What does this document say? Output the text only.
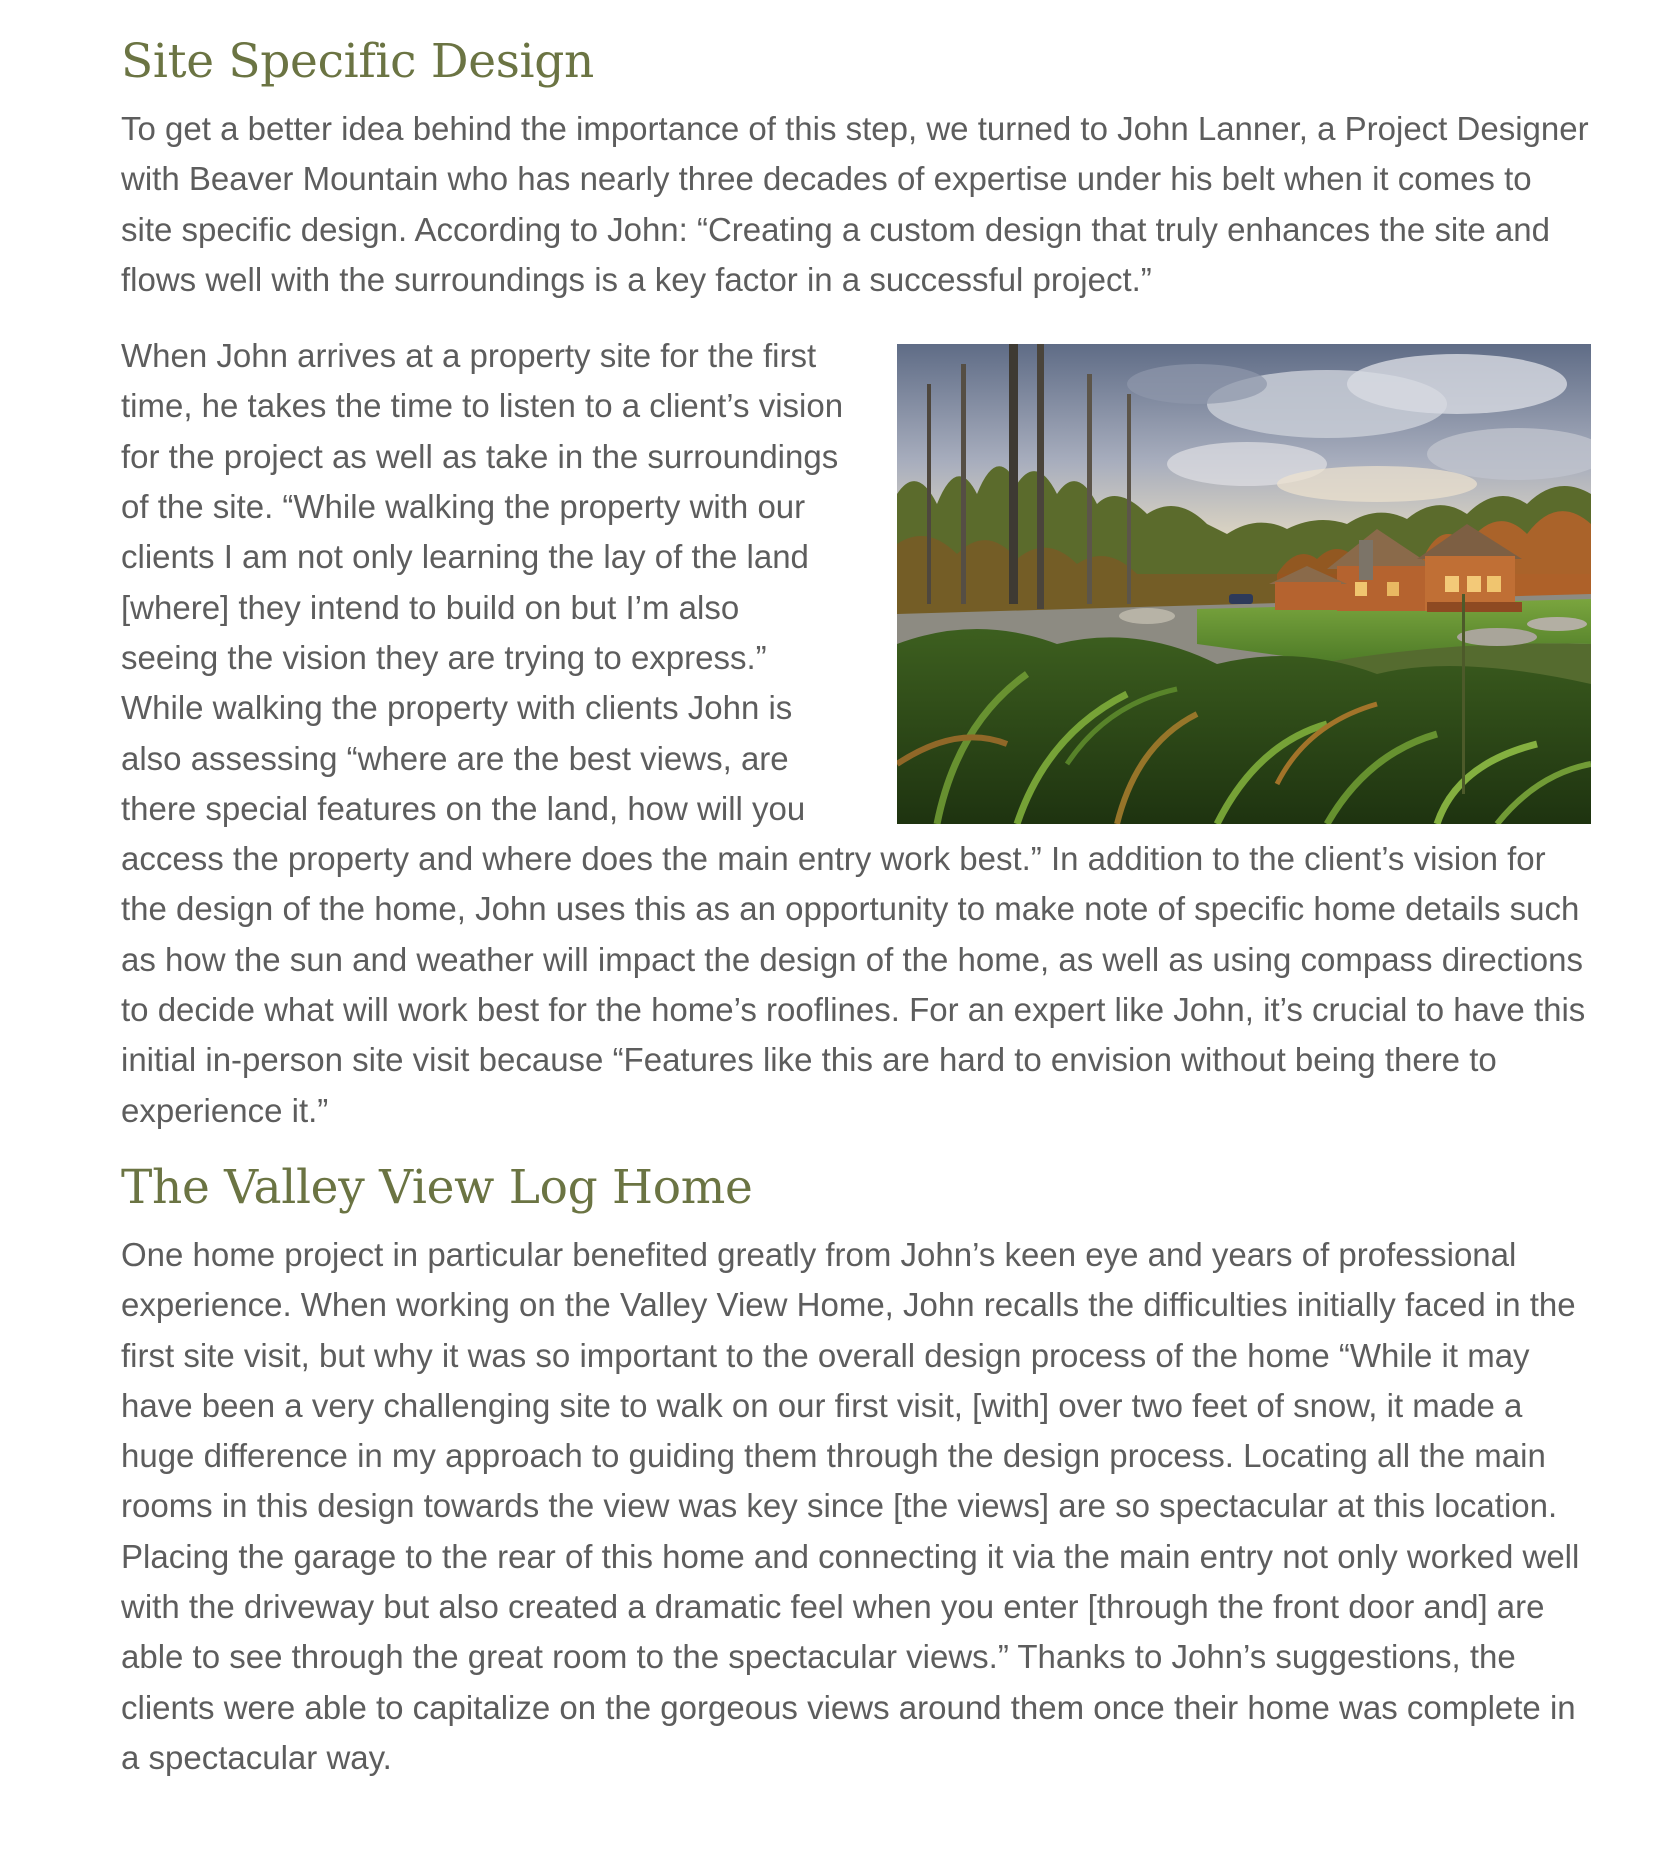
Site Specific Design

To get a better idea behind the importance of this step, we turned to John Lanner, a Project Designer with Beaver Mountain who has nearly three decades of expertise under his belt when it comes to site specific design. According to John: “Creating a custom design that truly enhances the site and flows well with the surroundings is a key factor in a successful project.”

When John arrives at a property site for the first time, he takes the time to listen to a client’s vision for the project as well as take in the surroundings of the site. “While walking the property with our clients I am not only learning the lay of the land [where] they intend to build on but I’m also seeing the vision they are trying to express.” While walking the property with clients John is also assessing “where are the best views, are there special features on the land, how will you access the property and where does the main entry work best.” In addition to the client’s vision for the design of the home, John uses this as an opportunity to make note of specific home details such as how the sun and weather will impact the design of the home, as well as using compass directions to decide what will work best for the home’s rooflines. For an expert like John, it’s crucial to have this initial in-person site visit because “Features like this are hard to envision without being there to experience it.”

The Valley View Log Home

One home project in particular benefited greatly from John’s keen eye and years of professional experience. When working on the Valley View Home, John recalls the difficulties initially faced in the first site visit, but why it was so important to the overall design process of the home “While it may have been a very challenging site to walk on our first visit, [with] over two feet of snow, it made a huge difference in my approach to guiding them through the design process. Locating all the main rooms in this design towards the view was key since [the views] are so spectacular at this location. Placing the garage to the rear of this home and connecting it via the main entry not only worked well with the driveway but also created a dramatic feel when you enter [through the front door and] are able to see through the great room to the spectacular views.” Thanks to John’s suggestions, the clients were able to capitalize on the gorgeous views around them once their home was complete in a spectacular way.
